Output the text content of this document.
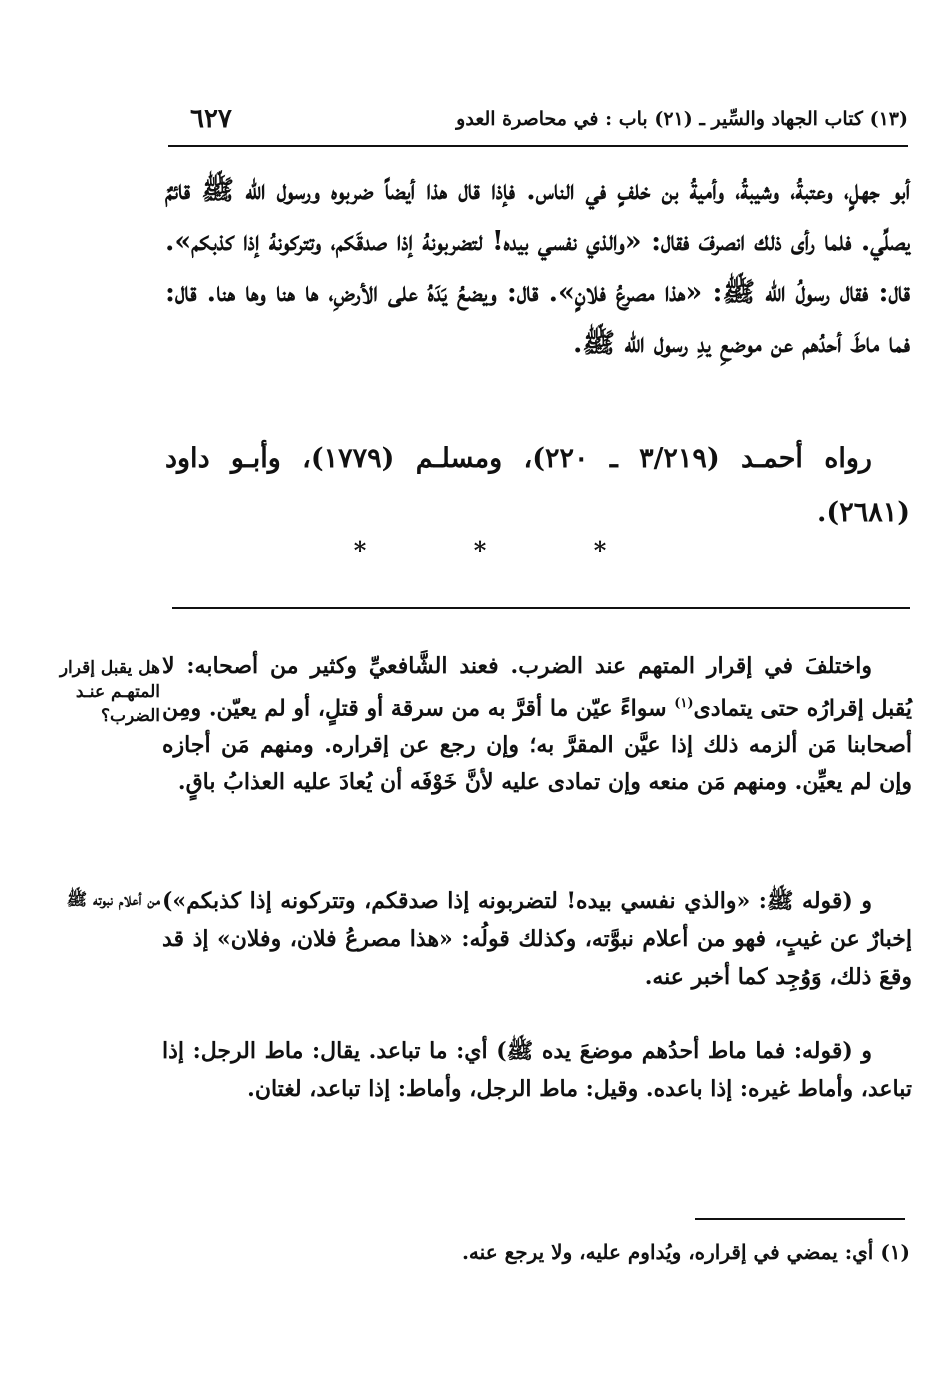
(١٣) كتاب الجهاد والسِّير ـ (٢١) باب : في محاصرة العدو
٦٢٧
أبو جهلٍ، وعتبةُ، وشيبةُ، وأميةُ بن خلفٍ في الناس. فإذا قال هذا أيضاً ضربوه ورسول الله ﷺ قائمٌ يصلِّي. فلما رأى ذلك انصرفَ فقال: «والذي نفسي بيده! لتضربونهُ إذا صدقَكم، وتتركونهُ إذا كذبكم». قال: فقال رسولُ الله ﷺ: «هذا مصرعُ فلانٍ». قال: ويضعُ يَدَهُ على الأرضِ، ها هنا وها هنا. قال: فما ماطَ أحدُهم عن موضعِ يدِ رسول الله ﷺ.
رواه أحمـد (٣/٢١٩ ـ ٢٢٠)، ومسلـم (١٧٧٩)، وأبـو داود (٢٦٨١).
*
*
*
واختلفَ في إقرار المتهم عند الضرب. فعند الشَّافعيِّ وكثير من أصحابه: لا يُقبل إقرارُه حتى يتمادى$^{(١)}$ سواءً عيّن ما أقرَّ به من سرقة أو قتلٍ، أو لم يعيّن. ومِن أصحابنا مَن ألزمه ذلك إذا عيَّن المقرَّ به؛ وإن رجع عن إقراره. ومنهم مَن أجازه وإن لم يعيِّن. ومنهم مَن منعه وإن تمادى عليه لأنَّ خَوْفَه أن يُعادَ عليه العذابُ باقٍ.
و (قوله ﷺ: «والذي نفسي بيده! لتضربونه إذا صدقكم، وتتركونه إذا كذبكم») إخبارٌ عن غيبٍ، فهو من أعلام نبوَّته، وكذلك قولُه: «هذا مصرعُ فلان، وفلان» إذ قد وقعَ ذلك، وَوُجِد كما أخبر عنه.
و (قوله: فما ماط أحدُهم موضعَ يده ﷺ) أي: ما تباعد. يقال: ماط الرجل: إذا تباعد، وأماط غيره: إذا باعده. وقيل: ماط الرجل، وأماط: إذا تباعد، لغتان.
هل يقبل إقرار المتهـم عنـد الضرب؟
من أعلام نبوته ﷺ
(١) أي: يمضي في إقراره، ويُداوم عليه، ولا يرجع عنه.
